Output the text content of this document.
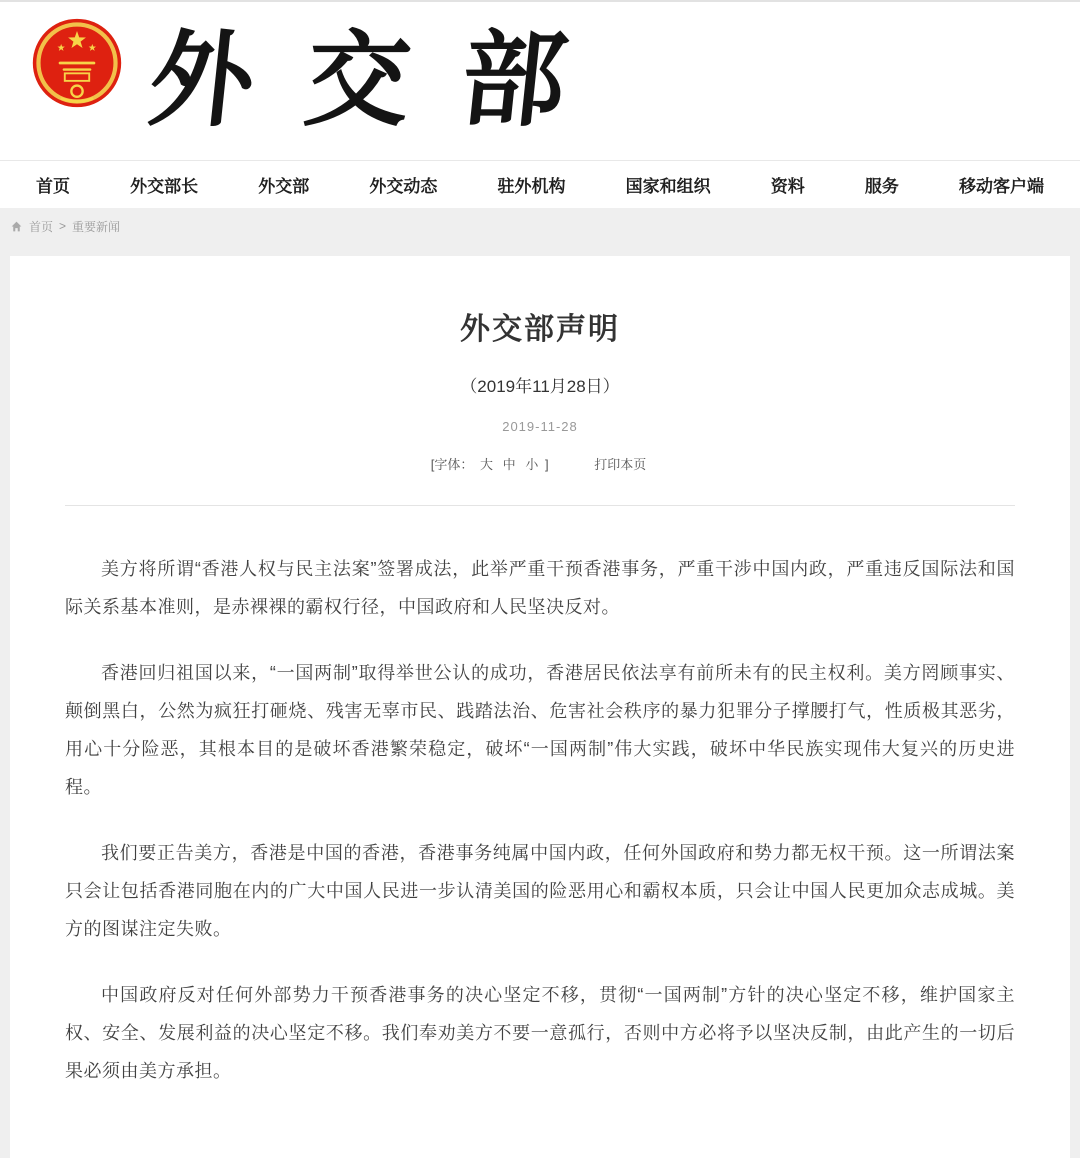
外交部
首页	外交部长	外交部	外交动态	驻外机构	国家和组织	资料	服务	移动客户端
首页 > 重要新闻
外交部声明
（2019年11月28日）
2019-11-28
[字体： 大 中 小 ]	打印本页

美方将所谓“香港人权与民主法案”签署成法，此举严重干预香港事务，严重干涉中国内政，严重违反国际法和国际关系基本准则，是赤裸裸的霸权行径，中国政府和人民坚决反对。

香港回归祖国以来，“一国两制”取得举世公认的成功，香港居民依法享有前所未有的民主权利。美方罔顾事实、颠倒黑白，公然为疯狂打砸烧、残害无辜市民、践踏法治、危害社会秩序的暴力犯罪分子撑腰打气，性质极其恶劣，用心十分险恶，其根本目的是破坏香港繁荣稳定，破坏“一国两制”伟大实践，破坏中华民族实现伟大复兴的历史进程。

我们要正告美方，香港是中国的香港，香港事务纯属中国内政，任何外国政府和势力都无权干预。这一所谓法案只会让包括香港同胞在内的广大中国人民进一步认清美国的险恶用心和霸权本质，只会让中国人民更加众志成城。美方的图谋注定失败。

中国政府反对任何外部势力干预香港事务的决心坚定不移，贯彻“一国两制”方针的决心坚定不移，维护国家主权、安全、发展利益的决心坚定不移。我们奉劝美方不要一意孤行，否则中方必将予以坚决反制，由此产生的一切后果必须由美方承担。
